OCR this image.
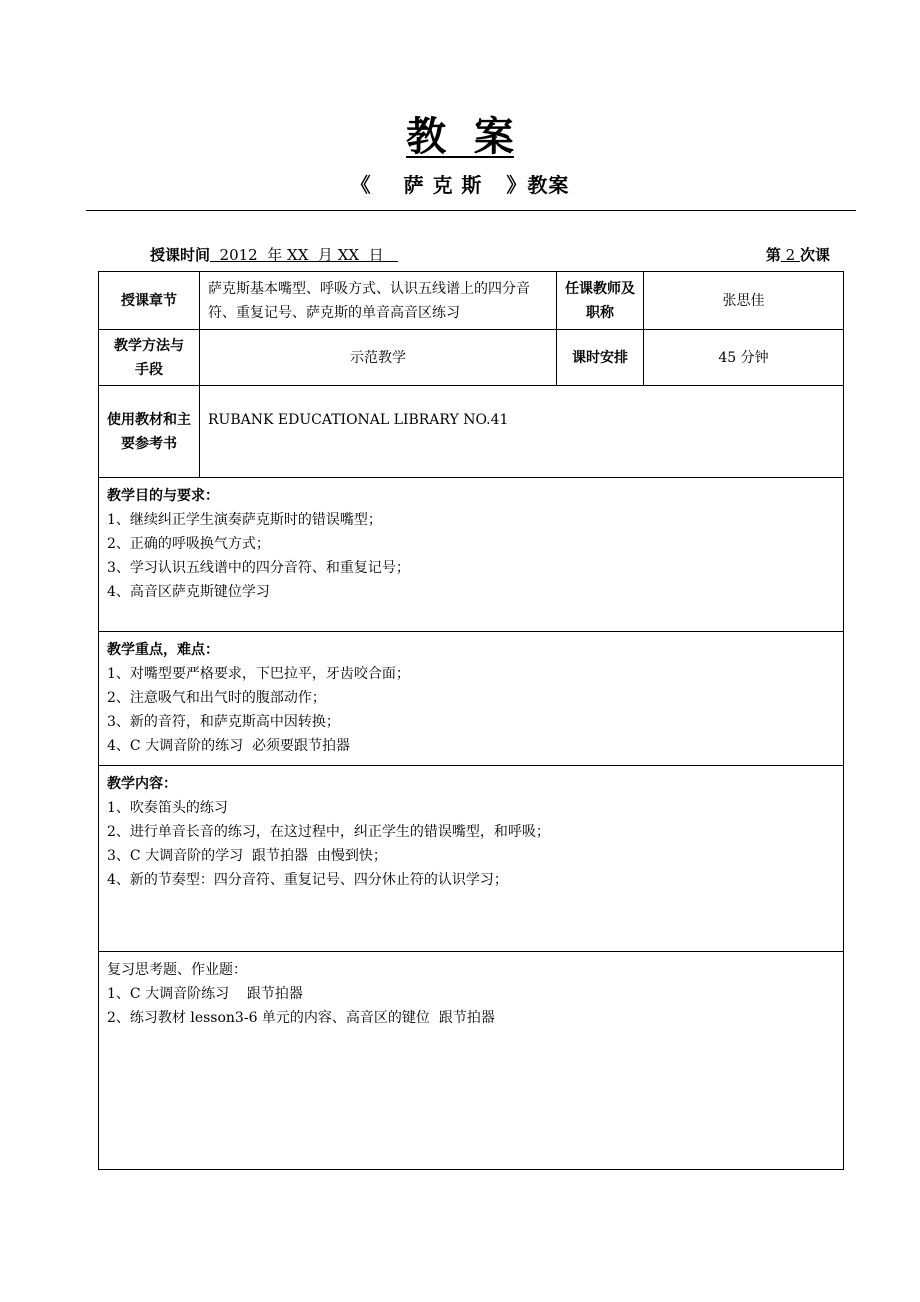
教  案
《    萨 克 斯   》教案
授课时间  2012  年 XX  月 XX  日	第 2 次课
授课章节	萨克斯基本嘴型、呼吸方式、认识五线谱上的四分音符、重复记号、萨克斯的单音高音区练习	任课教师及职称	张思佳

教学方法与手段	示范教学	课时安排	45 分钟

使用教材和主要参考书	RUBANK EDUCATIONAL LIBRARY NO.41		

教学目的与要求：
1、继续纠正学生演奏萨克斯时的错误嘴型；
2、正确的呼吸换气方式；
3、学习认识五线谱中的四分音符、和重复记号；
4、高音区萨克斯键位学习			

教学重点，难点：
1、对嘴型要严格要求，下巴拉平，牙齿咬合面；
2、注意吸气和出气时的腹部动作；
3、新的音符，和萨克斯高中因转换；
4、C 大调音阶的练习  必须要跟节拍器			

教学内容：
1、吹奏笛头的练习
2、进行单音长音的练习，在这过程中，纠正学生的错误嘴型，和呼吸；
3、C 大调音阶的学习  跟节拍器  由慢到快；
4、新的节奏型：四分音符、重复记号、四分休止符的认识学习；			

复习思考题、作业题：
1、C 大调音阶练习    跟节拍器
2、练习教材 lesson3-6 单元的内容、高音区的键位  跟节拍器			
